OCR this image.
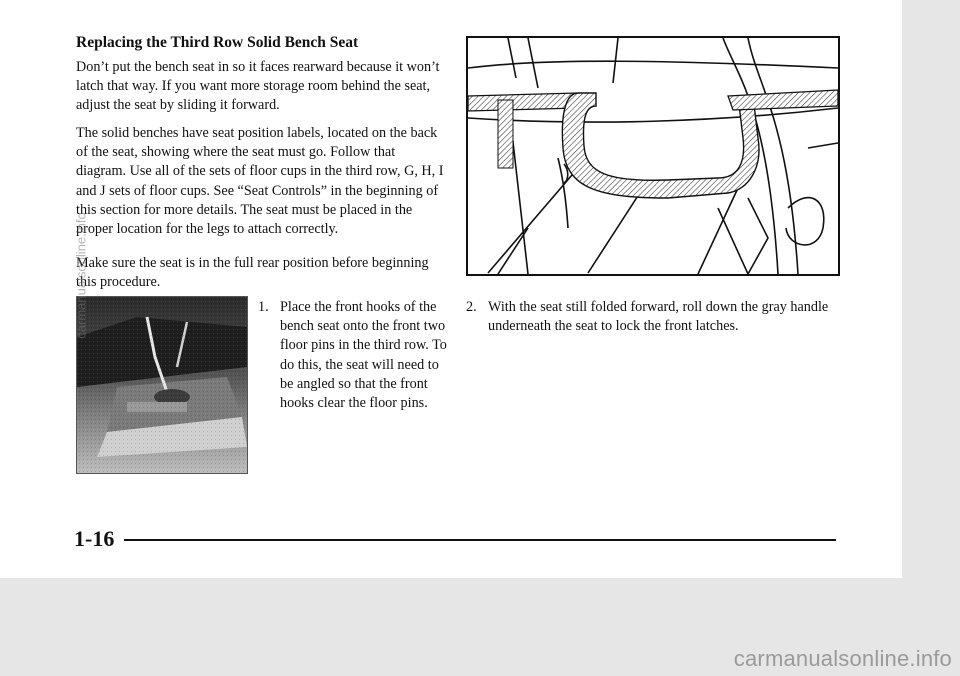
Replacing the Third Row Solid Bench Seat

Don’t put the bench seat in so it faces rearward because it won’t latch that way. If you want more storage room behind the seat, adjust the seat by sliding it forward.

The solid benches have seat position labels, located on the back of the seat, showing where the seat must go. Follow that diagram. Use all of the sets of floor cups in the third row, G, H, I and J sets of floor cups. See “Seat Controls” in the beginning of this section for more details. The seat must be placed in the proper location for the legs to attach correctly.

Make sure the seat is in the full rear position before beginning this procedure.

1. Place the front hooks of the bench seat onto the front two floor pins in the third row. To do this, the seat will need to be angled so that the front hooks clear the floor pins.
2. With the seat still folded forward, roll down the gray handle underneath the seat to lock the front latches.

1-16

carmanualsonline.info
carmanualsonline.info
